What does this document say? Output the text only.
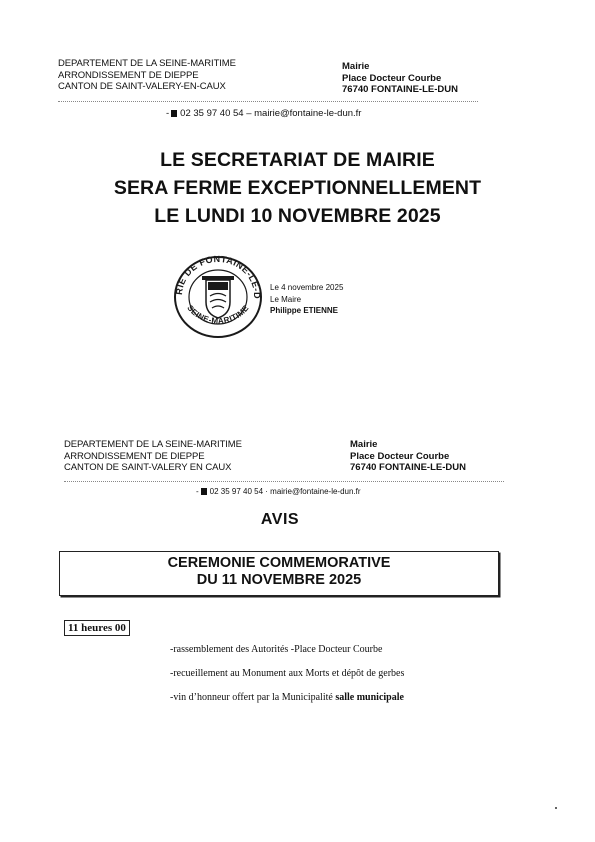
DEPARTEMENT DE LA SEINE-MARITIME
ARRONDISSEMENT DE DIEPPE
CANTON DE SAINT-VALERY-EN-CAUX
Mairie
Place Docteur Courbe
76740 FONTAINE-LE-DUN
- 02 35 97 40 54 – mairie@fontaine-le-dun.fr
LE SECRETARIAT DE MAIRIE
SERA FERME EXCEPTIONNELLEMENT
LE LUNDI 10 NOVEMBRE 2025
RIE DE FONTAINE-LE-D
SEINE-MARITIME
Le 4 novembre 2025
Le Maire
Philippe ETIENNE
DEPARTEMENT DE LA SEINE-MARITIME
ARRONDISSEMENT DE DIEPPE
CANTON DE SAINT-VALERY EN CAUX
Mairie
Place Docteur Courbe
76740 FONTAINE-LE-DUN
- 02 35 97 40 54 · mairie@fontaine-le-dun.fr
AVIS
CEREMONIE COMMEMORATIVE
DU 11 NOVEMBRE 2025
11 heures 00
-rassemblement des Autorités -Place Docteur Courbe
-recueillement au Monument aux Morts et dépôt de gerbes
-vin d’honneur offert par la Municipalité salle municipale
